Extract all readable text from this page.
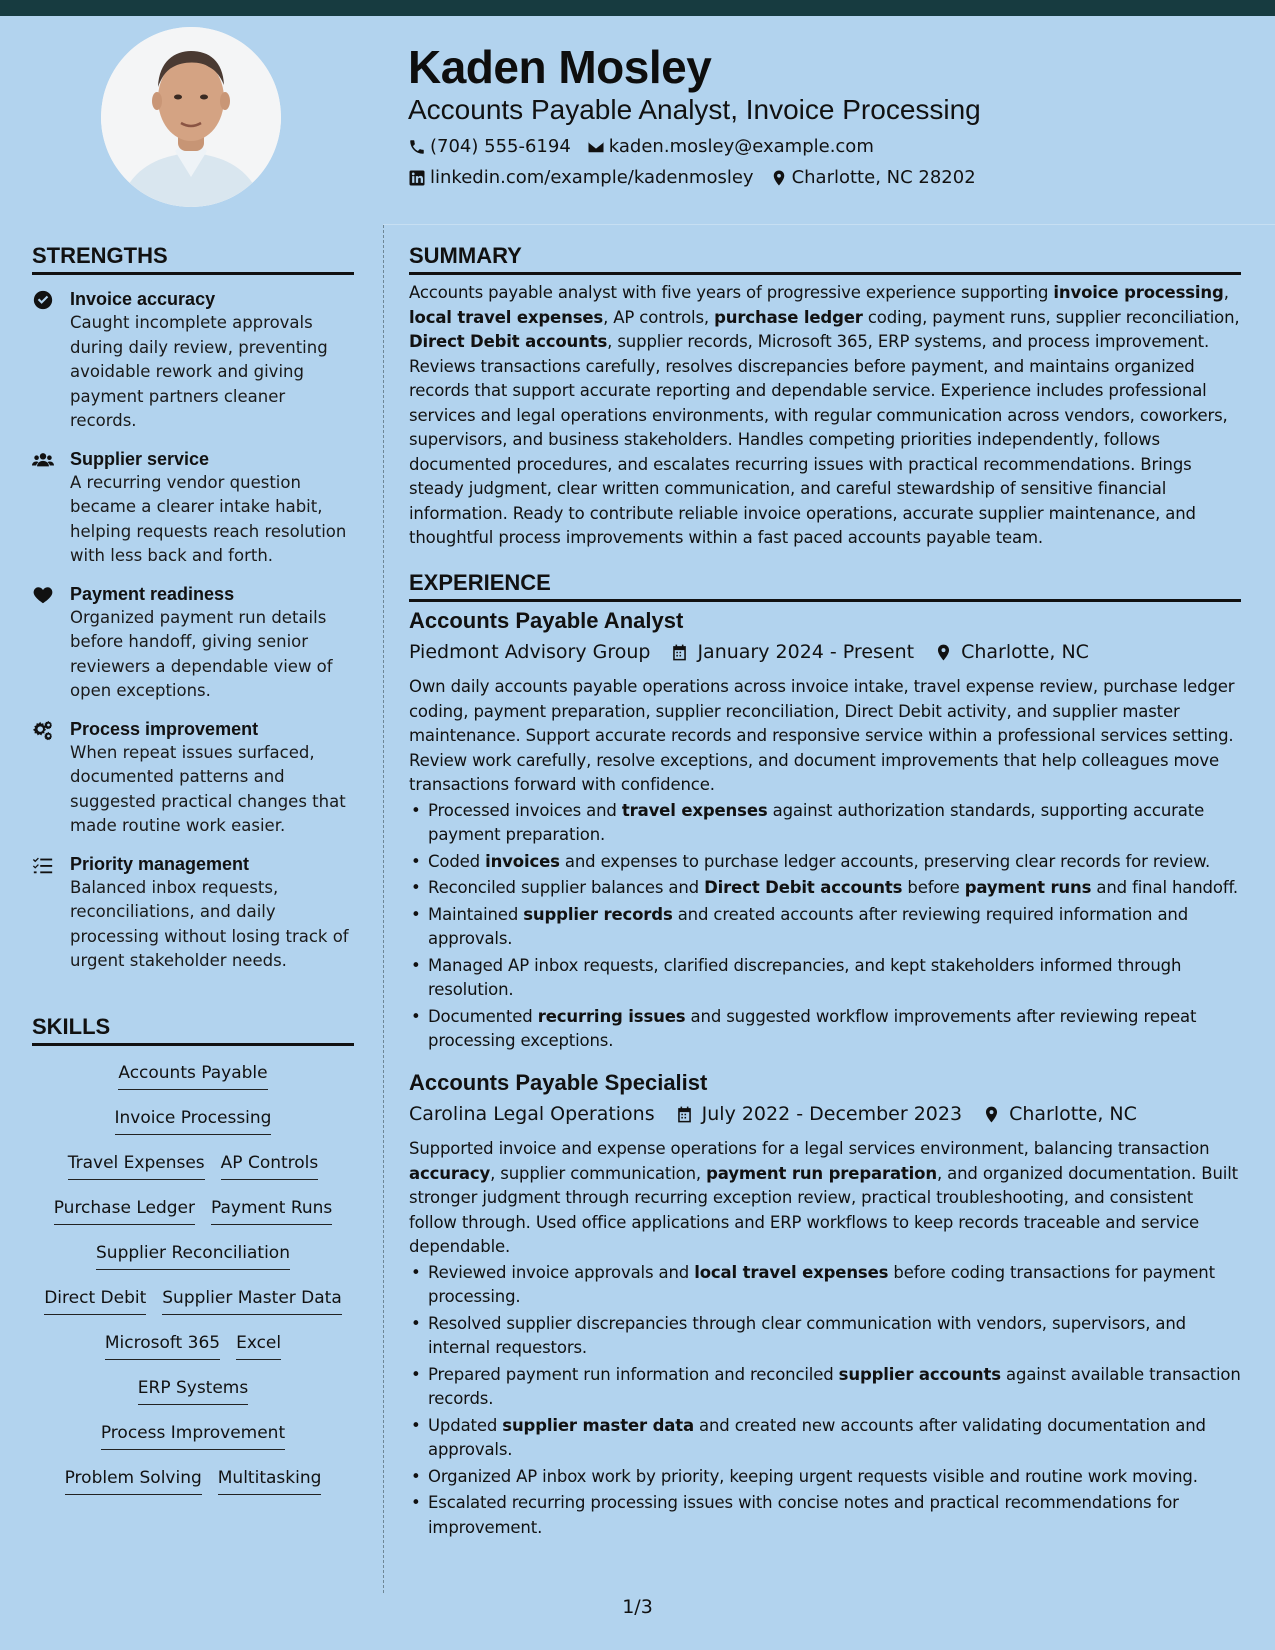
Kaden Mosley
Accounts Payable Analyst, Invoice Processing
(704) 555-6194 kaden.mosley@example.com
linkedin.com/example/kadenmosley Charlotte, NC 28202
STRENGTHS
Invoice accuracy
Caught incomplete approvals during daily review, preventing avoidable rework and giving payment partners cleaner records.
Supplier service
A recurring vendor question became a clearer intake habit, helping requests reach resolution with less back and forth.
Payment readiness
Organized payment run details before handoff, giving senior reviewers a dependable view of open exceptions.
Process improvement
When repeat issues surfaced, documented patterns and suggested practical changes that made routine work easier.
Priority management
Balanced inbox requests, reconciliations, and daily processing without losing track of urgent stakeholder needs.
SKILLS
Accounts Payable
Invoice Processing
Travel Expenses AP Controls
Purchase Ledger Payment Runs
Supplier Reconciliation
Direct Debit Supplier Master Data
Microsoft 365 Excel
ERP Systems
Process Improvement
Problem Solving Multitasking
SUMMARY
Accounts payable analyst with five years of progressive experience supporting invoice processing, local travel expenses, AP controls, purchase ledger coding, payment runs, supplier reconciliation, Direct Debit accounts, supplier records, Microsoft 365, ERP systems, and process improvement. Reviews transactions carefully, resolves discrepancies before payment, and maintains organized records that support accurate reporting and dependable service. Experience includes professional services and legal operations environments, with regular communication across vendors, coworkers, supervisors, and business stakeholders. Handles competing priorities independently, follows documented procedures, and escalates recurring issues with practical recommendations. Brings steady judgment, clear written communication, and careful stewardship of sensitive financial information. Ready to contribute reliable invoice operations, accurate supplier maintenance, and thoughtful process improvements within a fast paced accounts payable team.
EXPERIENCE
Accounts Payable Analyst
Piedmont Advisory Group January 2024 - Present Charlotte, NC
Own daily accounts payable operations across invoice intake, travel expense review, purchase ledger coding, payment preparation, supplier reconciliation, Direct Debit activity, and supplier master maintenance. Support accurate records and responsive service within a professional services setting. Review work carefully, resolve exceptions, and document improvements that help colleagues move transactions forward with confidence.
• Processed invoices and travel expenses against authorization standards, supporting accurate payment preparation.
• Coded invoices and expenses to purchase ledger accounts, preserving clear records for review.
• Reconciled supplier balances and Direct Debit accounts before payment runs and final handoff.
• Maintained supplier records and created accounts after reviewing required information and approvals.
• Managed AP inbox requests, clarified discrepancies, and kept stakeholders informed through resolution.
• Documented recurring issues and suggested workflow improvements after reviewing repeat processing exceptions.
Accounts Payable Specialist
Carolina Legal Operations July 2022 - December 2023 Charlotte, NC
Supported invoice and expense operations for a legal services environment, balancing transaction accuracy, supplier communication, payment run preparation, and organized documentation. Built stronger judgment through recurring exception review, practical troubleshooting, and consistent follow through. Used office applications and ERP workflows to keep records traceable and service dependable.
• Reviewed invoice approvals and local travel expenses before coding transactions for payment processing.
• Resolved supplier discrepancies through clear communication with vendors, supervisors, and internal requestors.
• Prepared payment run information and reconciled supplier accounts against available transaction records.
• Updated supplier master data and created new accounts after validating documentation and approvals.
• Organized AP inbox work by priority, keeping urgent requests visible and routine work moving.
• Escalated recurring processing issues with concise notes and practical recommendations for improvement.
1/3
